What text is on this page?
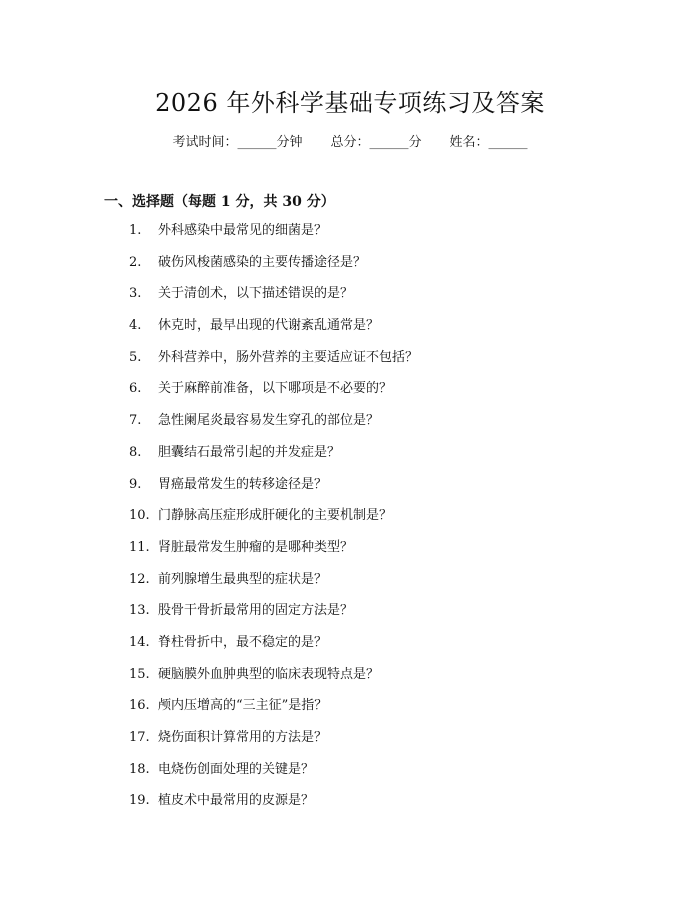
2026 年外科学基础专项练习及答案
考试时间：______分钟 总分：______分 姓名：______
一、选择题（每题 1 分，共 30 分）
1.	外科感染中最常见的细菌是？
2.	破伤风梭菌感染的主要传播途径是？
3.	关于清创术，以下描述错误的是？
4.	休克时，最早出现的代谢紊乱通常是？
5.	外科营养中，肠外营养的主要适应证不包括？
6.	关于麻醉前准备，以下哪项是不必要的？
7.	急性阑尾炎最容易发生穿孔的部位是？
8.	胆囊结石最常引起的并发症是？
9.	胃癌最常发生的转移途径是？
10. 门静脉高压症形成肝硬化的主要机制是？
11. 肾脏最常发生肿瘤的是哪种类型？
12. 前列腺增生最典型的症状是？
13. 股骨干骨折最常用的固定方法是？
14. 脊柱骨折中，最不稳定的是？
15. 硬脑膜外血肿典型的临床表现特点是？
16. 颅内压增高的“三主征”是指？
17. 烧伤面积计算常用的方法是？
18. 电烧伤创面处理的关键是？
19. 植皮术中最常用的皮源是？
